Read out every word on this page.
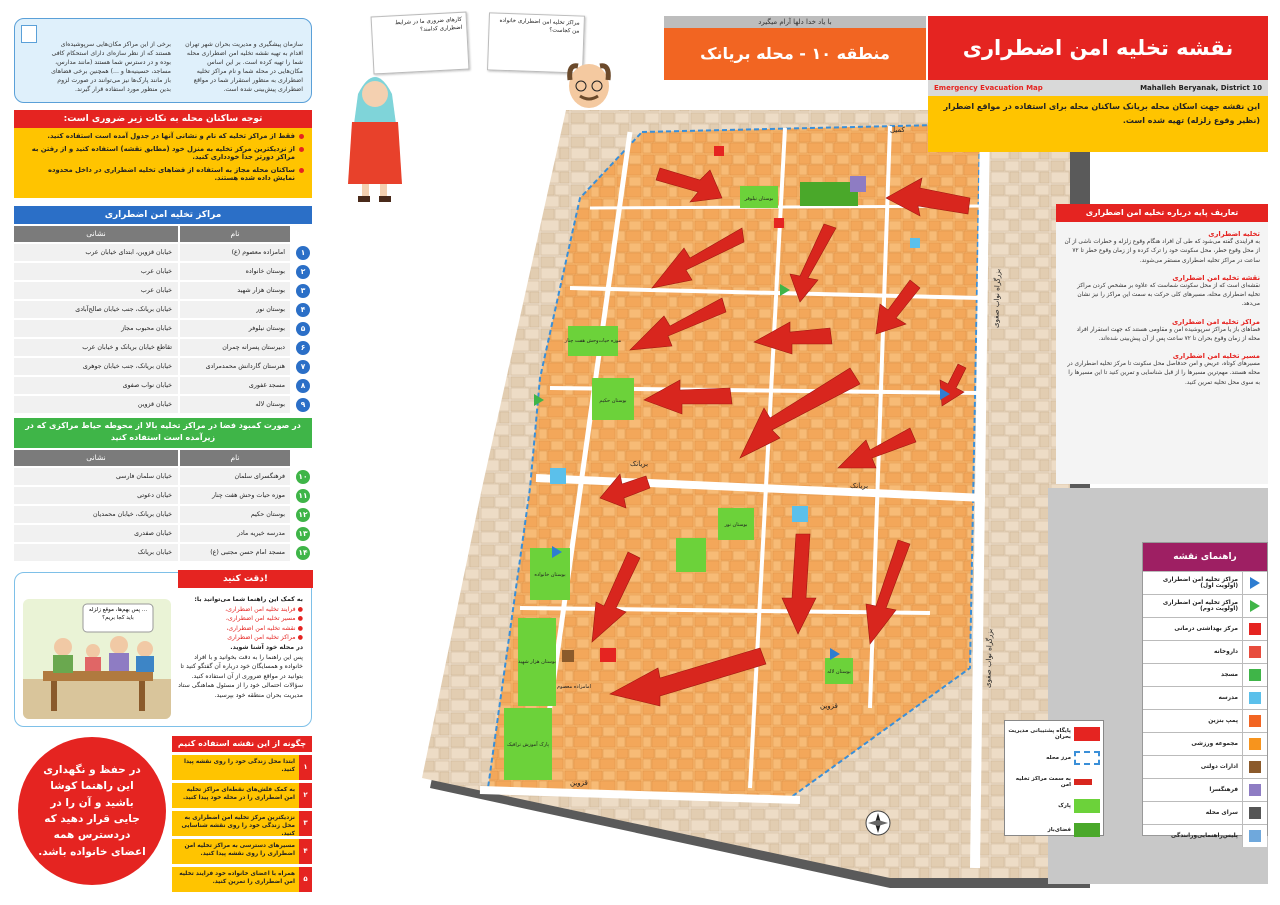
سازمان پیشگیری و مدیریت بحران شهر تهران اقدام به تهیه نقشه تخلیه امن اضطراری محله شما را تهیه کرده است. بر این اساس مکان‌هایی در محله شما و نام مراکز تخلیه اضطراری به منظور استقرار شما در مواقع اضطراری پیش‌بینی شده است.
برخی از این مراکز مکان‌هایی سرپوشیده‌ای هستند که از نظر سازه‌ای دارای استحکام کافی بوده و در دسترس شما هستند (مانند مدارس، مساجد، حسینیه‌ها و ...) همچنین برخی فضاهای باز مانند پارک‌ها نیز می‌توانند در صورت لزوم بدین منظور مورد استفاده قرار گیرند.
توجه ساکنان محله به نکات زیر ضروری است:
فقط از مراکز تخلیه که نام و نشانی آنها در جدول آمده است استفاده کنید.
از نزدیکترین مرکز تخلیه به منزل خود (مطابق نقشه) استفاده کنید و از رفتن به مراکز دورتر جداً خودداری کنید.
ساکنان محله مجاز به استفاده از فضاهای تخلیه اضطراری در داخل محدوده نمایش داده شده هستند.
مراکز تخلیه امن اضطراری
نشانی	نام
خیابان قزوین، ابتدای خیابان عرب	امامزاده معصوم (ع)	۱
خیابان عرب	بوستان خانواده	۲
خیابان عرب	بوستان هزار شهید	۳
خیابان بریانک، جنب خیابان صالح‌آبادی	بوستان نور	۴
خیابان محبوب مجاز	بوستان نیلوفر	۵
تقاطع خیابان بریانک و خیابان عرب	دبیرستان پسرانه چمران	۶
خیابان بریانک، جنب خیابان جوهری	هنرستان گاردانش محمدمرادی	۷
خیابان نواب صفوی	مسجد غفوری	۸
خیابان قزوین	بوستان لاله	۹
در صورت کمبود فضا در مراکز تخلیه بالا از محوطه حیاط مراکزی که در زیرآمده است استفاده کنید
نشانی	نام
خیابان سلمان فارسی	فرهنگسرای سلمان	۱۰
خیابان دعوتی	موزه حیات وحش هفت چنار	۱۱
خیابان بریانک، خیابان محمدیان	بوستان حکیم	۱۲
خیابان صفدری	مدرسه خیریه مادر	۱۳
خیابان بریانک	مسجد امام حسن مجتبی (ع)	۱۴
دقت کنید!
به کمک این راهنما شما می‌توانید با:
● فرایند تخلیه امن اضطراری،
● مسیر تخلیه امن اضطراری،
● نقشه تخلیه امن اضطراری،
● مراکز تخلیه امن اضطراری
در محله خود آشنا شوید.
پس این راهنما را به دقت بخوانید و با افراد خانواده و همسایگان خود درباره آن گفتگو کنید تا بتوانید در مواقع ضروری از آن استفاده کنید. سؤالات احتمالی خود را از مسئول هماهنگی ستاد مدیریت بحران منطقه خود بپرسید.
... پس بهم‌ها، موقع زلزله باید کجا بریم؟
چگونه از این نقشه استفاده کنیم
ابتدا محل زندگی خود را روی نقشه پیدا کنید.	۱
به کمک فلش‌های نقطه‌ای مراکز تخلیه امن اضطراری را در محله خود پیدا کنید.	۲
نزدیکترین مرکز تخلیه امن اضطراری به محل زندگی خود را روی نقشه شناسایی کنید.
۳
مسیرهای دسترسی به مراکز تخلیه امن اضطراری را روی نقشه پیدا کنید.	۴
همراه با اعضای خانواده خود فرایند تخلیه امن اضطراری را تمرین کنید.	۵
در حفظ و نگهداری این راهنما کوشا باشید و آن را در جایی قرار دهید که دردسترس همه اعضای خانواده باشد.
کارهای ضروری ما در شرایط اضطراری کدامند؟
مراکز تخلیه امن اضطراری خانواده من کجاست؟
بوستان نیلوفر
بوستان حکیم
بوستان نور
بوستان خانواده
بوستان هزار شهید
امامزاده معصوم
پارک آموزش ترافیک
بوستان لاله
موزه حیات‌وحش هفت چنار
بریانک
بریانک
قزوین
قزوین
کمیل
بزرگراه نواب صفوی
بزرگراه نواب صفوی
با یاد خدا دلها آرام میگیرد
منطقه ۱۰ - محله بریانک	نقشه تخلیه امن اضطراری
Emergency Evacuation Map	Mahalleh Beryanak, District 10
این نقشه جهت اسکان محله بریانک ساکنان محله برای استفاده در مواقع اضطرار (نظیر وقوع زلزله) تهیه شده است.
تعاریف پایه درباره تخلیه امن اضطراری
تخلیه اضطراری
به فرایندی گفته می‌شود که طی آن افراد هنگام وقوع زلزله و خطرات ناشی از آن از محل وقوع خطر، محل سکونت خود را ترک کرده و از زمان وقوع خطر تا ۷۲ ساعت در مراکز تخلیه اضطراری مستقر می‌شوند.
نقشه تخلیه امن اضطراری
نقشه‌ای است که از محل سکونت شماست که علاوه بر مشخص کردن مراکز تخلیه اضطراری محله، مسیرهای کلی حرکت به سمت این مراکز را نیز نشان می‌دهد.
مراکز تخلیه امن اضطراری
فضاهای باز یا مراکز سرپوشیده امن و مقاومی هستند که جهت استقرار افراد محله از زمان وقوع بحران تا ۷۲ ساعت پس از آن پیش‌بینی شده‌اند.
مسیر تخلیه امن اضطراری
مسیرهای کوتاه، عریض و امن حدفاصل محل سکونت تا مرکز تخلیه اضطراری در محله هستند. مهم‌ترین مسیرها را از قبل شناسایی و تمرین کنید تا این مسیرها را به سوی محل تخلیه تمرین کنید.
راهنمای نقشه
مراکز تخلیه امن اضطراری (اولویت اول)
مراکز تخلیه امن اضطراری (اولویت دوم)
مرکز بهداشتی درمانی
داروخانه
مسجد
مدرسه
پمپ بنزین
مجموعه ورزشی
ادارات دولتی
فرهنگسرا
سرای محله
پلیس‌راهنمایی‌ورانندگی
پایگاه پشتیبانی مدیریت بحران
مرز محله
به سمت مراکز تخلیه امن
پارک
فضای‌باز
